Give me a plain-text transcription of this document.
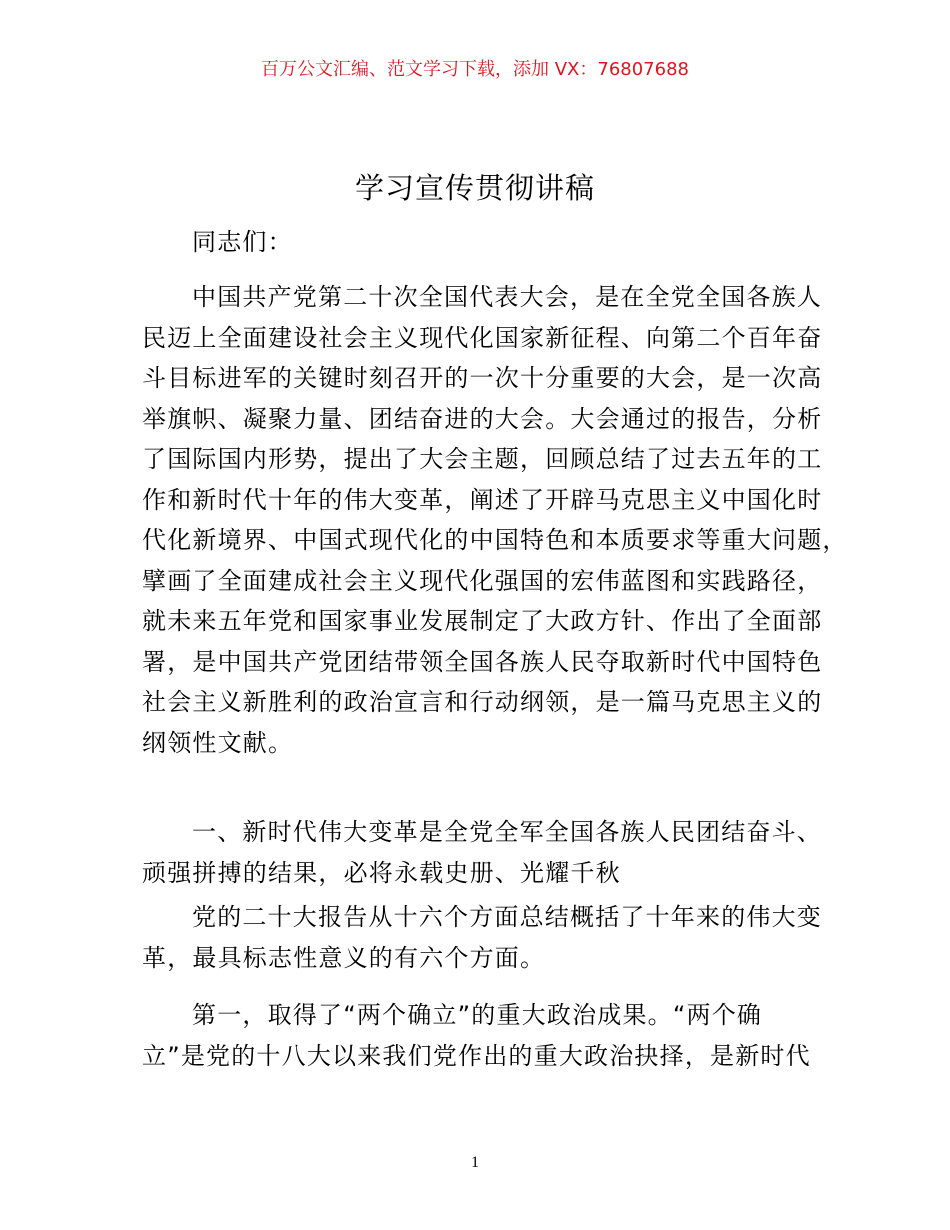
百万公文汇编、范文学习下载，添加 VX：76807688
学习宣传贯彻讲稿
同志们：
中国共产党第二十次全国代表大会，是在全党全国各族人
民迈上全面建设社会主义现代化国家新征程、向第二个百年奋
斗目标进军的关键时刻召开的一次十分重要的大会，是一次高
举旗帜、凝聚力量、团结奋进的大会。大会通过的报告，分析
了国际国内形势，提出了大会主题，回顾总结了过去五年的工
作和新时代十年的伟大变革，阐述了开辟马克思主义中国化时
代化新境界、中国式现代化的中国特色和本质要求等重大问题，
擘画了全面建成社会主义现代化强国的宏伟蓝图和实践路径，
就未来五年党和国家事业发展制定了大政方针、作出了全面部
署，是中国共产党团结带领全国各族人民夺取新时代中国特色
社会主义新胜利的政治宣言和行动纲领，是一篇马克思主义的
纲领性文献。
一、新时代伟大变革是全党全军全国各族人民团结奋斗、
顽强拼搏的结果，必将永载史册、光耀千秋
党的二十大报告从十六个方面总结概括了十年来的伟大变
革，最具标志性意义的有六个方面。
第一，取得了“两个确立”的重大政治成果。“两个确
立”是党的十八大以来我们党作出的重大政治抉择，是新时代
1
